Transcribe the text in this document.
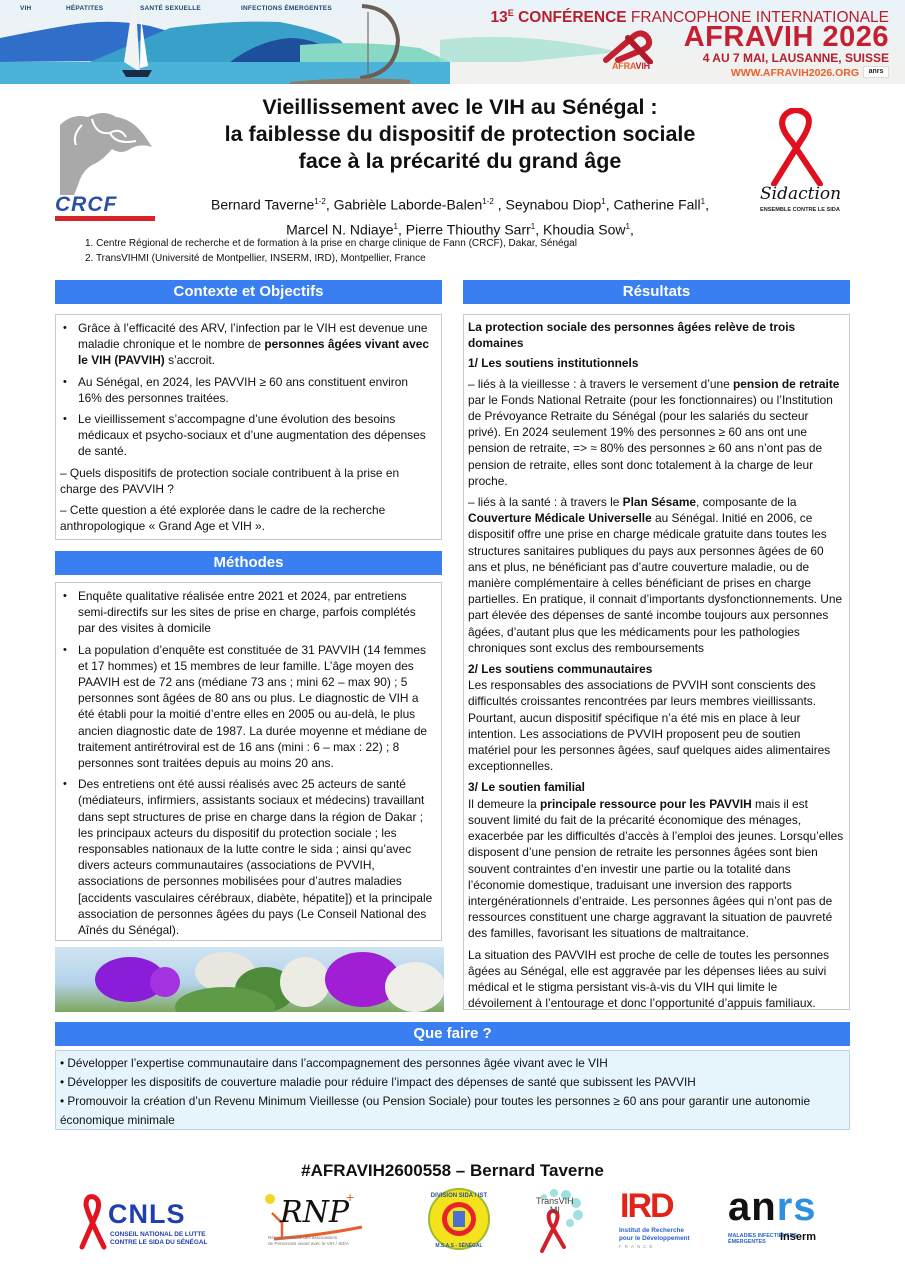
VIH	HÉPATITES	SANTÉ SEXUELLE	INFECTIONS ÉMERGENTES
AFRAVIH
$13^E$ CONFÉRENCE FRANCOPHONE INTERNATIONALE
AFRAVIH 2026
4 AU 7 MAI, LAUSANNE, SUISSE
WWW.AFRAVIH2026.ORG	anrs
CRCF	Sidaction
ENSEMBLE CONTRE LE SIDA
Vieillissement avec le VIH au Sénégal :
la faiblesse du dispositif de protection sociale
face à la précarité du grand âge
Bernard Taverne$^{1-2}$, Gabrièle Laborde-Balen$^{1-2}$ , Seynabou Diop$^1$, Catherine Fall$^1$,
Marcel N. Ndiaye$^1$, Pierre Thiouthy Sarr$^1$, Khoudia Sow$^1$,
1. Centre Régional de recherche et de formation à la prise en charge clinique de Fann (CRCF), Dakar, Sénégal
2. TransVIHMI (Université de Montpellier, INSERM, IRD), Montpellier, France
Contexte et Objectifs
• Grâce à l’efficacité des ARV, l’infection par le VIH est devenue une maladie chronique et le nombre de personnes âgées vivant avec le VIH (PAVVIH) s’accroit.
• Au Sénégal, en 2024, les PAVVIH ≥ 60 ans constituent environ 16% des personnes traitées.
• Le vieillissement s’accompagne d’une évolution des besoins médicaux et psycho-sociaux et d’une augmentation des dépenses de santé.

– Quels dispositifs de protection sociale contribuent à la prise en charge des PAVVIH ?

– Cette question a été explorée dans le cadre de la recherche anthropologique « Grand Age et VIH ».

Méthodes
• Enquête qualitative réalisée entre 2021 et 2024, par entretiens semi-directifs sur les sites de prise en charge, parfois complétés par des visites à domicile
• La population d’enquête est constituée de 31 PAVVIH (14 femmes et 17 hommes) et 15 membres de leur famille. L’âge moyen des PAAVIH est de 72 ans (médiane 73 ans ; mini 62 – max 90) ; 5 personnes sont âgées de 80 ans ou plus. Le diagnostic de VIH a été établi pour la moitié d’entre elles en 2005 ou au-delà, le plus ancien diagnostic date de 1987. La durée moyenne et médiane de traitement antirétroviral est de 16 ans (mini : 6 – max : 22) ; 8 personnes sont traitées depuis au moins 20 ans.
• Des entretiens ont été aussi réalisés avec 25 acteurs de santé (médiateurs, infirmiers, assistants sociaux et médecins) travaillant dans sept structures de prise en charge dans la région de Dakar ; les principaux acteurs du dispositif du protection sociale ; les responsables nationaux de la lutte contre le sida ; ainsi qu’avec divers acteurs communautaires (associations de PVVIH, associations de personnes mobilisées pour d’autres maladies [accidents vasculaires cérébraux, diabète, hépatite]) et la principale association de personnes âgées du pays (Le Conseil National des Aînés du Sénégal).
Résultats

La protection sociale des personnes âgées relève de trois domaines

1/ Les soutiens institutionnels

– liés à la vieillesse : à travers le versement d’une pension de retraite par le Fonds National Retraite (pour les fonctionnaires) ou l’Institution de Prévoyance Retraite du Sénégal (pour les salariés du secteur privé). En 2024 seulement 19% des personnes ≥ 60 ans ont une pension de retraite, => ≈ 80% des personnes ≥ 60 ans n’ont pas de pension de retraite, elles sont donc totalement à la charge de leur proche.

– liés à la santé : à travers le Plan Sésame, composante de la Couverture Médicale Universelle au Sénégal. Initié en 2006, ce dispositif offre une prise en charge médicale gratuite dans toutes les structures sanitaires publiques du pays aux personnes âgées de 60 ans et plus, ne bénéficiant pas d’autre couverture maladie, ou de manière complémentaire à celles bénéficiant de prises en charge partielles. En pratique, il connait d’importants dysfonctionnements. Une part élevée des dépenses de santé incombe toujours aux personnes âgées, d’autant plus que les médicaments pour les pathologies chroniques sont exclus des remboursements

2/ Les soutiens communautaires

Les responsables des associations de PVVIH sont conscients des difficultés croissantes rencontrées par leurs membres vieillissants. Pourtant, aucun dispositif spécifique n’a été mis en place à leur intention. Les associations de PVVIH proposent peu de soutien matériel pour les personnes âgées, sauf quelques aides alimentaires exceptionnelles.

3/ Le soutien familial

Il demeure la principale ressource pour les PAVVIH mais il est souvent limité du fait de la précarité économique des ménages, exacerbée par les difficultés d’accès à l’emploi des jeunes. Lorsqu’elles disposent d’une pension de retraite les personnes âgées sont bien souvent contraintes d’en investir une partie ou la totalité dans l’économie domestique, traduisant une inversion des rapports intergénérationnels d’entraide. Les personnes âgées qui n’ont pas de ressources constituent une charge aggravant la situation de pauvreté des familles, favorisant les situations de maltraitance.

La situation des PAVVIH est proche de celle de toutes les personnes âgées au Sénégal, elle est aggravée par les dépenses liées au suivi médical et le stigma persistant vis-à-vis du VIH qui limite le dévoilement à l’entourage et donc l’opportunité d’appuis familiaux.

Que faire ?
• Développer l’expertise communautaire dans l’accompagnement des personnes âgée vivant avec le VIH
• Développer les dispositifs de couverture maladie pour réduire l’impact des dépenses de santé que subissent les PAVVIH
• Promouvoir la création d’un Revenu Minimum Vieillesse (ou Pension Sociale) pour toutes les personnes ≥ 60 ans pour garantir une autonomie économique minimale
#AFRAVIH2600558 – Bernard Taverne
CNLS
CONSEIL NATIONAL DE LUTTE
CONTRE LE SIDA DU SÉNÉGAL
RNP
+
Réseau National des associations
de Personnes vivant avec le VIH / SIDA
DIVISION SIDA / IST
M.S.A.S - SÉNÉGAL
TransVIH
MI	IRD
Institut de Recherche
pour le Développement
FRANCE
anrs
MALADIES INFECTIEUSES
ÉMERGENTES	Inserm
